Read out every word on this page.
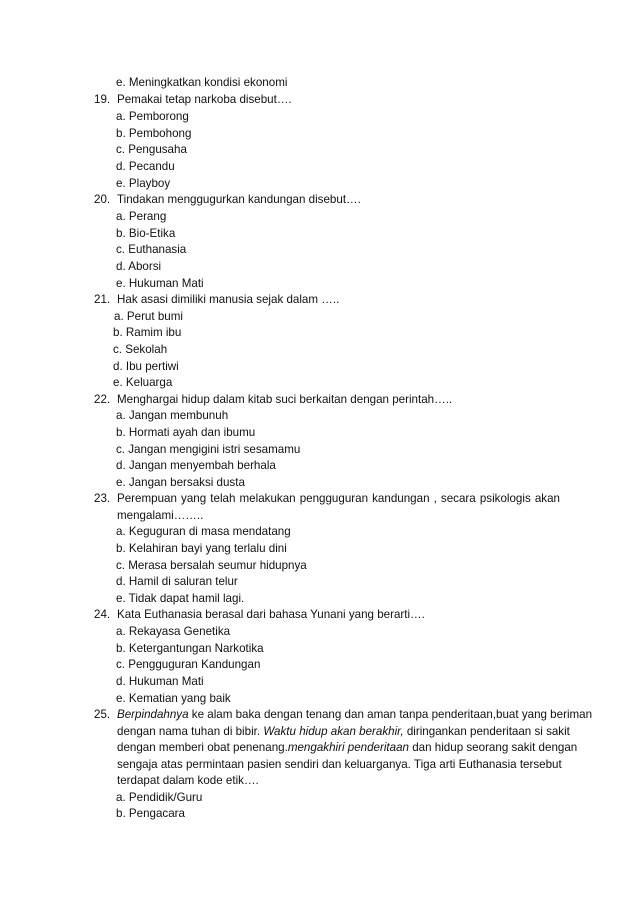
e. Meningkatkan kondisi ekonomi
19. Pemakai tetap narkoba disebut….
a. Pemborong
b. Pembohong
c. Pengusaha
d. Pecandu
e. Playboy
20. Tindakan menggugurkan kandungan disebut….
a. Perang
b. Bio-Etika
c. Euthanasia
d. Aborsi
e. Hukuman Mati
21. Hak asasi dimiliki manusia sejak dalam …..
a. Perut bumi
b. Ramim ibu
c. Sekolah
d. Ibu pertiwi
e. Keluarga
22. Menghargai hidup dalam kitab suci berkaitan dengan perintah…..
a. Jangan membunuh
b. Hormati ayah dan ibumu
c. Jangan mengigini istri sesamamu
d. Jangan menyembah berhala
e. Jangan bersaksi dusta
23. Perempuan yang telah melakukan pengguguran kandungan , secara psikologis akan
mengalami……..
a. Keguguran di masa mendatang
b. Kelahiran bayi yang terlalu dini
c. Merasa bersalah seumur hidupnya
d. Hamil di saluran telur
e. Tidak dapat hamil lagi.
24. Kata Euthanasia berasal dari bahasa Yunani yang berarti….
a. Rekayasa Genetika
b. Ketergantungan Narkotika
c. Pengguguran Kandungan
d. Hukuman Mati
e. Kematian yang baik
25. Berpindahnya ke alam baka dengan tenang dan aman tanpa penderitaan,buat yang beriman
dengan nama tuhan di bibir. Waktu hidup akan berakhir, diringankan penderitaan si sakit
dengan memberi obat penenang.mengakhiri penderitaan dan hidup seorang sakit dengan
sengaja atas permintaan pasien sendiri dan keluarganya. Tiga arti Euthanasia tersebut
terdapat dalam kode etik….
a. Pendidik/Guru
b. Pengacara
